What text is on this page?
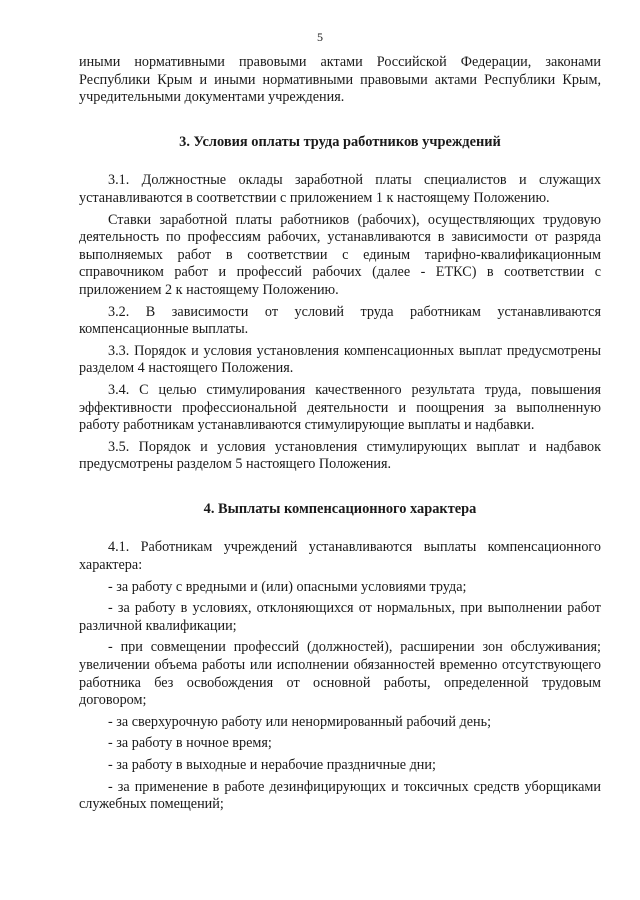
5

иными нормативными правовыми актами Российской Федерации, законами Республики Крым и иными нормативными правовыми актами Республики Крым, учредительными документами учреждения.

3. Условия оплаты труда работников учреждений

3.1. Должностные оклады заработной платы специалистов и служащих устанавливаются в соответствии с приложением 1 к настоящему Положению.

Ставки заработной платы работников (рабочих), осуществляющих трудовую деятельность по профессиям рабочих, устанавливаются в зависимости от разряда выполняемых работ в соответствии с единым тарифно-квалификационным справочником работ и профессий рабочих (далее - ЕТКС) в соответствии с приложением 2 к настоящему Положению.

3.2. В зависимости от условий труда работникам устанавливаются компенсационные выплаты.

3.3. Порядок и условия установления компенсационных выплат предусмотрены разделом 4 настоящего Положения.

3.4. С целью стимулирования качественного результата труда, повышения эффективности профессиональной деятельности и поощрения за выполненную работу работникам устанавливаются стимулирующие выплаты и надбавки.

3.5. Порядок и условия установления стимулирующих выплат и надбавок предусмотрены разделом 5 настоящего Положения.

4. Выплаты компенсационного характера

4.1. Работникам учреждений устанавливаются выплаты компенсационного характера:

- за работу с вредными и (или) опасными условиями труда;

- за работу в условиях, отклоняющихся от нормальных, при выполнении работ различной квалификации;

- при совмещении профессий (должностей), расширении зон обслуживания; увеличении объема работы или исполнении обязанностей временно отсутствующего работника без освобождения от основной работы, определенной трудовым договором;

- за сверхурочную работу или ненормированный рабочий день;

- за работу в ночное время;

- за работу в выходные и нерабочие праздничные дни;

- за применение в работе дезинфицирующих и токсичных средств уборщиками служебных помещений;
